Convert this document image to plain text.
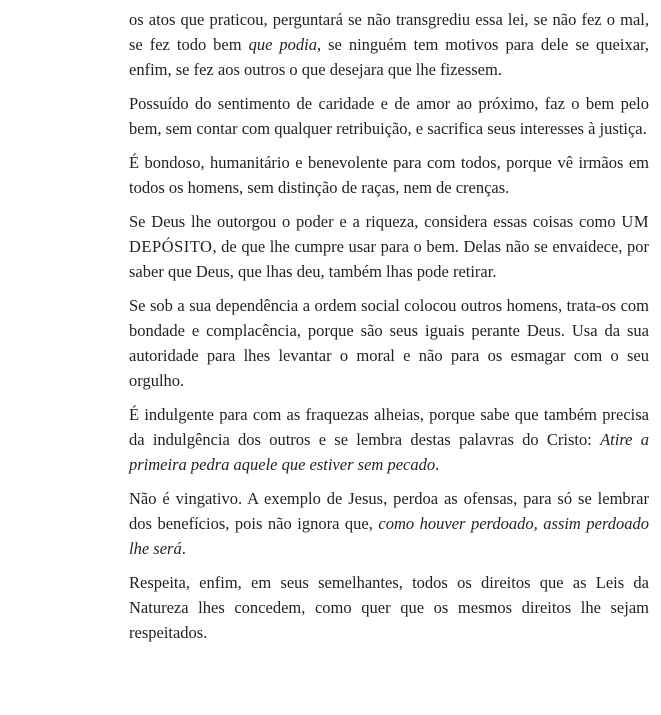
os atos que praticou, perguntará se não transgrediu essa lei, se não fez o mal, se fez todo bem que podia, se ninguém tem motivos para dele se queixar, enfim, se fez aos outros o que desejara que lhe fizessem.

Possuído do sentimento de caridade e de amor ao próximo, faz o bem pelo bem, sem contar com qualquer retribuição, e sacrifica seus interesses à justiça.

É bondoso, humanitário e benevolente para com todos, porque vê irmãos em todos os homens, sem distinção de raças, nem de crenças.

Se Deus lhe outorgou o poder e a riqueza, considera essas coisas como UM DEPÓSITO, de que lhe cumpre usar para o bem. Delas não se envaidece, por saber que Deus, que lhas deu, também lhas pode retirar.

Se sob a sua dependência a ordem social colocou outros homens, trata-os com bondade e complacência, porque são seus iguais perante Deus. Usa da sua autoridade para lhes levantar o moral e não para os esmagar com o seu orgulho.

É indulgente para com as fraquezas alheias, porque sabe que também precisa da indulgência dos outros e se lembra destas palavras do Cristo: Atire a primeira pedra aquele que estiver sem pecado.

Não é vingativo. A exemplo de Jesus, perdoa as ofensas, para só se lembrar dos benefícios, pois não ignora que, como houver perdoado, assim perdoado lhe será.

Respeita, enfim, em seus semelhantes, todos os direitos que as Leis da Natureza lhes concedem, como quer que os mesmos direitos lhe sejam respeitados.
